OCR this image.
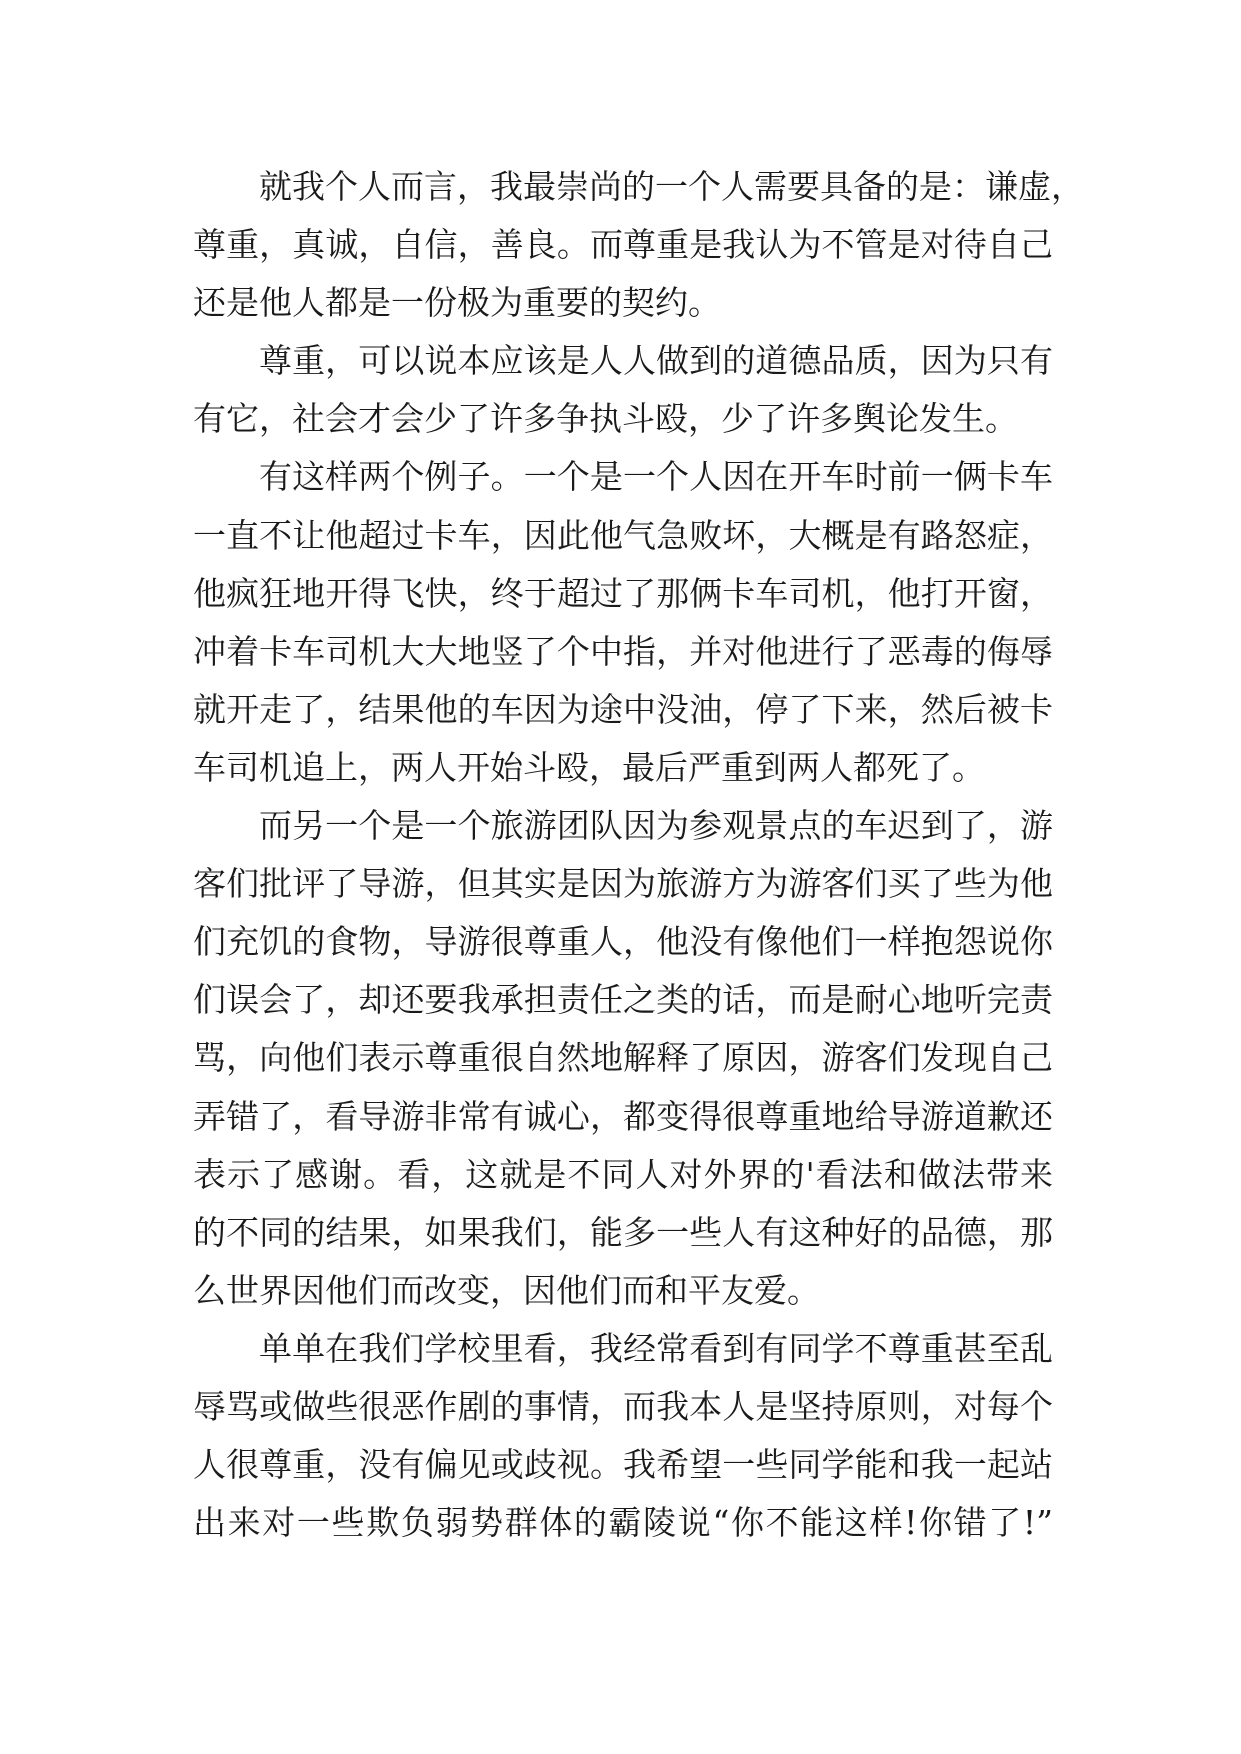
就我个人而言，我最崇尚的一个人需要具备的是：谦虚，
尊重，真诚，自信，善良。而尊重是我认为不管是对待自己
还是他人都是一份极为重要的契约。
尊重，可以说本应该是人人做到的道德品质，因为只有
有它，社会才会少了许多争执斗殴，少了许多舆论发生。
有这样两个例子。一个是一个人因在开车时前一俩卡车
一直不让他超过卡车，因此他气急败坏，大概是有路怒症，
他疯狂地开得飞快，终于超过了那俩卡车司机，他打开窗，
冲着卡车司机大大地竖了个中指，并对他进行了恶毒的侮辱
就开走了，结果他的车因为途中没油，停了下来，然后被卡
车司机追上，两人开始斗殴，最后严重到两人都死了。
而另一个是一个旅游团队因为参观景点的车迟到了，游
客们批评了导游，但其实是因为旅游方为游客们买了些为他
们充饥的食物，导游很尊重人，他没有像他们一样抱怨说你
们误会了，却还要我承担责任之类的话，而是耐心地听完责
骂，向他们表示尊重很自然地解释了原因，游客们发现自己
弄错了，看导游非常有诚心，都变得很尊重地给导游道歉还
表示了感谢。看，这就是不同人对外界的'看法和做法带来
的不同的结果，如果我们，能多一些人有这种好的品德，那
么世界因他们而改变，因他们而和平友爱。
单单在我们学校里看，我经常看到有同学不尊重甚至乱
辱骂或做些很恶作剧的事情，而我本人是坚持原则，对每个
人很尊重，没有偏见或歧视。我希望一些同学能和我一起站
出来对一些欺负弱势群体的霸陵说“你不能这样!你错了!”
